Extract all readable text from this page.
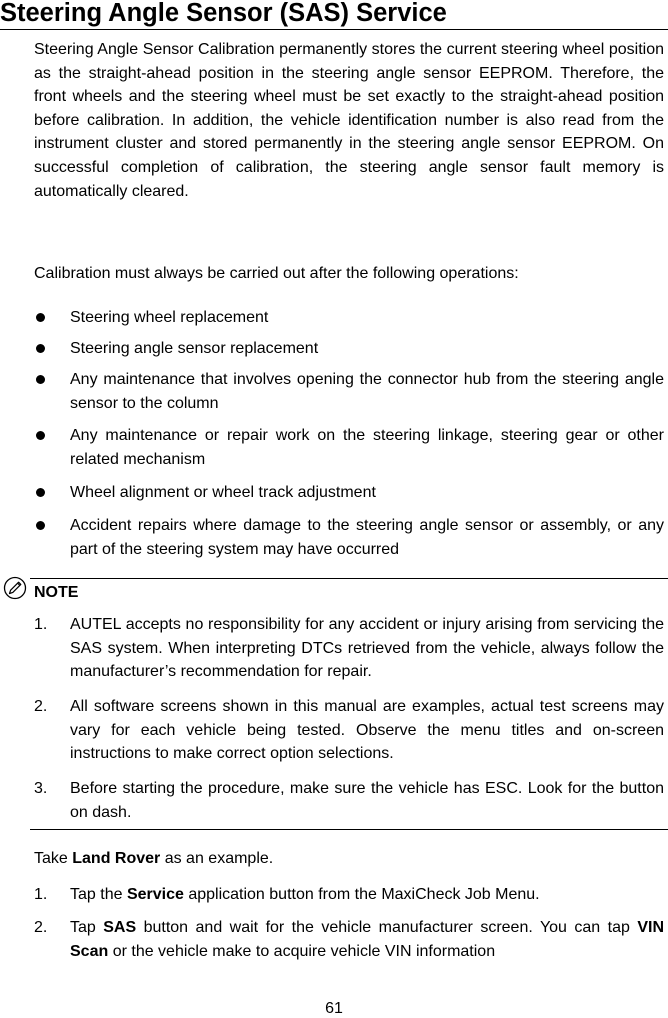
Steering Angle Sensor (SAS) Service

Steering Angle Sensor Calibration permanently stores the current steering wheel position as the straight-ahead position in the steering angle sensor EEPROM. Therefore, the front wheels and the steering wheel must be set exactly to the straight-ahead position before calibration. In addition, the vehicle identification number is also read from the instrument cluster and stored permanently in the steering angle sensor EEPROM. On successful completion of calibration, the steering angle sensor fault memory is automatically cleared.

Calibration must always be carried out after the following operations:

Steering wheel replacement
Steering angle sensor replacement
Any maintenance that involves opening the connector hub from the steering angle sensor to the column
Any maintenance or repair work on the steering linkage, steering gear or other related mechanism
Wheel alignment or wheel track adjustment
Accident repairs where damage to the steering angle sensor or assembly, or any part of the steering system may have occurred
NOTE
1. AUTEL accepts no responsibility for any accident or injury arising from servicing the SAS system. When interpreting DTCs retrieved from the vehicle, always follow the manufacturer’s recommendation for repair.
2. All software screens shown in this manual are examples, actual test screens may vary for each vehicle being tested. Observe the menu titles and on-screen instructions to make correct option selections.
3. Before starting the procedure, make sure the vehicle has ESC. Look for the button on dash.

Take Land Rover as an example.

1. Tap the Service application button from the MaxiCheck Job Menu.
2. Tap SAS button and wait for the vehicle manufacturer screen. You can tap VIN Scan or the vehicle make to acquire vehicle VIN information
61
